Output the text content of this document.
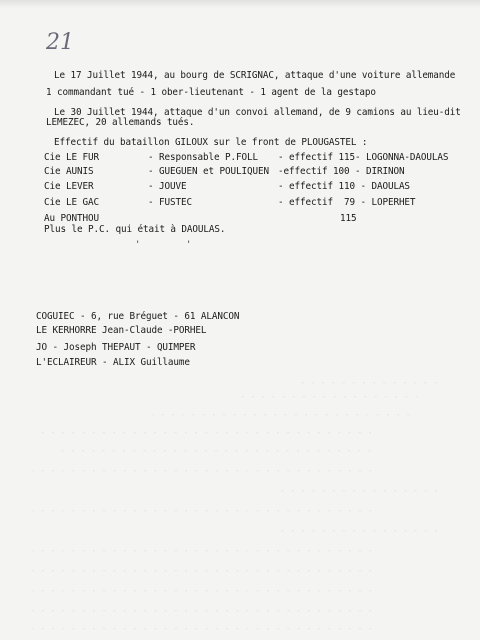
21
Le 17 Juillet 1944, au bourg de SCRIGNAC, attaque d'une voiture allemande
1 commandant tué - 1 ober-lieutenant - 1 agent de la gestapo
Le 30 Juillet 1944, attaque d'un convoi allemand, de 9 camions au lieu-dit
LEMEZEC, 20 allemands tués.
Effectif du bataillon GILOUX sur le front de PLOUGASTEL :
Cie LE FUR	- Responsable P.FOLL - effectif 115- LOGONNA-DAOULAS
Cie AUNIS	- GUEGUEN et POULIQUEN -effectif 100 - DIRINON
Cie LEVER	- JOUVE	- effectif 110 - DAOULAS
Cie LE GAC	- FUSTEC	- effectif  79 - LOPERHET
Au PONTHOU	115
Plus le P.C. qui était à DAOULAS.
'	'
COGUIEC - 6, rue Bréguet - 61 ALANCON
LE KERHORRE Jean-Claude -PORHEL
JO - Joseph THEPAUT - QUIMPER
L'ECLAIREUR - ALIX Guillaume
- - - - - - - - - - - - - -
- - - - - - - - - - - - - - - - - -
- - - - - - - - - - - - - - - - - - - - - - - - - -
- - - - - - - - - - - - - - - - - - - - - - - - - - - - - - - - -
- - - - - - - - - - - - - - - - - - - - - - - - - - - - - - -
- - - - - - - - - - - - - - - - - - - - - - - - - - - - - - - - - -
- - - - - - - - - - - - - - - -
- - - - - - - - - - - - - - - - - - - - - - - - - - - - - - - - - -
- - - - - - - - - - - - - - - -
- - - - - - - - - - - - - - - - - - - - - - - - - - - - - - - - - -
- - - - - - - - - - - - - - - - - - - - - - - - - - - - - - - - - -
- - - - - - - - - - - - - - - - - - - - - - - - - - - - - - - - - -
- - - - - - - - - - - - - - - - - - - - - - - - - - - - - - - - - -
- - - - - - - - - - - - - - - - - - - - - - - - - - - - - - - - - -
